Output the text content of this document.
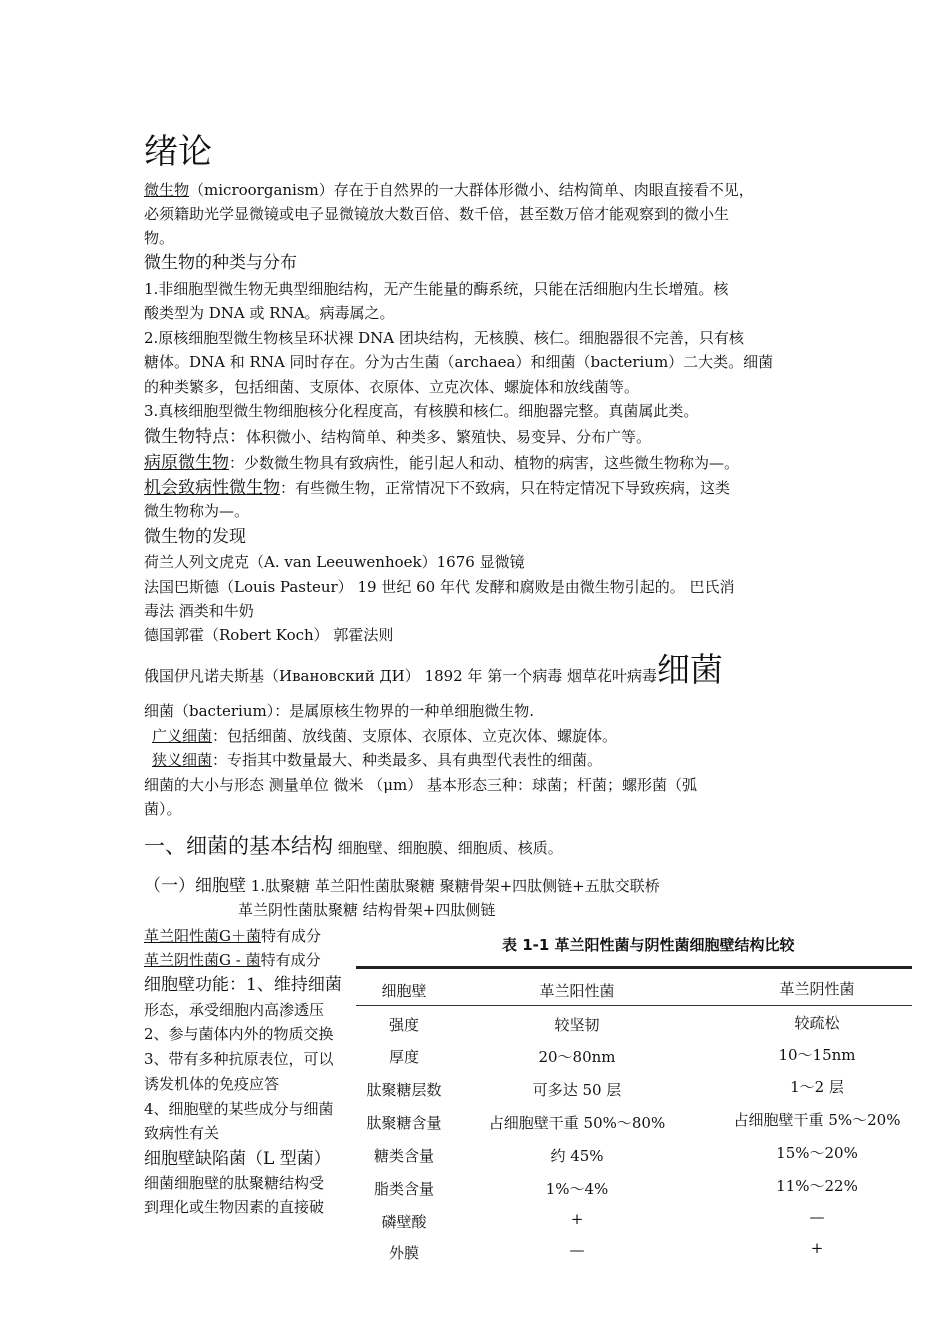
绪论
微生物（microorganism）存在于自然界的一大群体形微小、结构简单、肉眼直接看不见，
必须籍助光学显微镜或电子显微镜放大数百倍、数千倍，甚至数万倍才能观察到的微小生
物。
微生物的种类与分布
1.非细胞型微生物无典型细胞结构，无产生能量的酶系统，只能在活细胞内生长增殖。核
酸类型为 DNA 或 RNA。病毒属之。
2.原核细胞型微生物核呈环状裸 DNA 团块结构，无核膜、核仁。细胞器很不完善，只有核
糖体。DNA 和 RNA 同时存在。分为古生菌（archaea）和细菌（bacterium）二大类。细菌
的种类繁多，包括细菌、支原体、衣原体、立克次体、螺旋体和放线菌等。
3.真核细胞型微生物细胞核分化程度高，有核膜和核仁。细胞器完整。真菌属此类。
微生物特点：体积微小、结构简单、种类多、繁殖快、易变异、分布广等。
病原微生物：少数微生物具有致病性，能引起人和动、植物的病害，这些微生物称为—。
机会致病性微生物：有些微生物，正常情况下不致病，只在特定情况下导致疾病，这类
微生物称为—。
微生物的发现
荷兰人列文虎克（A. van Leeuwenhoek）1676 显微镜
法国巴斯德（Louis Pasteur） 19 世纪 60 年代 发酵和腐败是由微生物引起的。 巴氏消
毒法 酒类和牛奶
德国郭霍（Robert Koch） 郭霍法则
俄国伊凡诺夫斯基（Ивановский ДИ） 1892 年 第一个病毒 烟草花叶病毒细菌
细菌（bacterium）：是属原核生物界的一种单细胞微生物.
广义细菌：包括细菌、放线菌、支原体、衣原体、立克次体、螺旋体。
狭义细菌：专指其中数量最大、种类最多、具有典型代表性的细菌。
细菌的大小与形态 测量单位 微米 （μm） 基本形态三种：球菌；杆菌；螺形菌（弧
菌）。
一、细菌的基本结构 细胞壁、细胞膜、细胞质、核质。
（一）细胞壁 1.肽聚糖 革兰阳性菌肽聚糖 聚糖骨架+四肽侧链+五肽交联桥
革兰阴性菌肽聚糖 结构骨架+四肽侧链
革兰阳性菌G＋菌特有成分
革兰阴性菌G - 菌特有成分
细胞壁功能：1、维持细菌
形态，承受细胞内高渗透压
2、参与菌体内外的物质交换
3、带有多种抗原表位，可以
诱发机体的免疫应答
4、细胞壁的某些成分与细菌
致病性有关
细胞壁缺陷菌（L 型菌）
细菌细胞壁的肽聚糖结构受
到理化或生物因素的直接破
表 1-1 革兰阳性菌与阴性菌细胞壁结构比较
细胞壁	革兰阳性菌	革兰阴性菌
强度	较坚韧	较疏松
厚度	20～80nm	10～15nm
肽聚糖层数	可多达 50 层	1～2 层
肽聚糖含量	占细胞壁干重 50%～80%	占细胞壁干重 5%～20%
糖类含量	约 45%	15%～20%
脂类含量	1%～4%	11%～22%
磷壁酸	+	—
外膜	—	+
